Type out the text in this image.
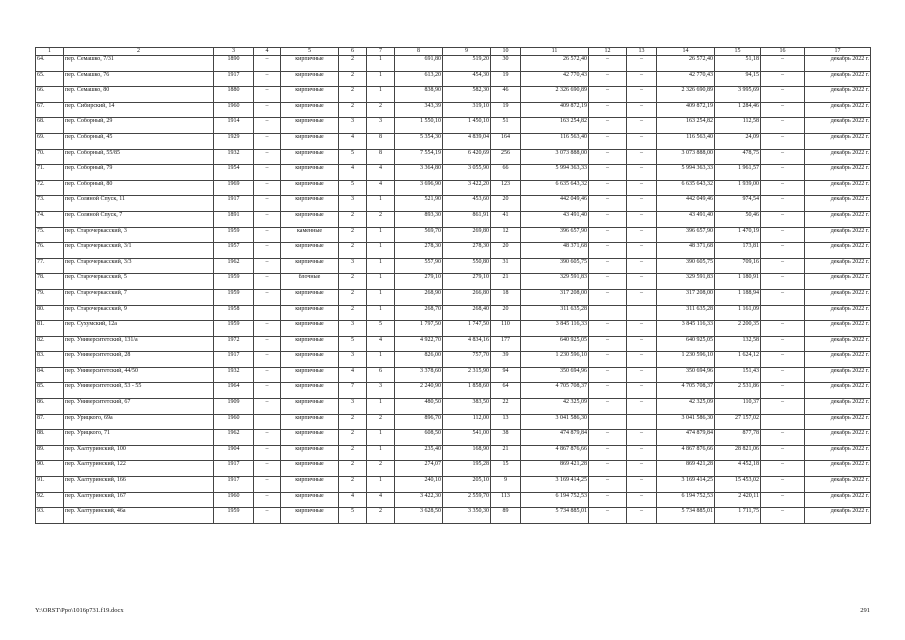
1	2	3	4	5	6	7	8	9	10	11	12	13	14	15	16	17
64.	пер. Семашко, 7/31	1890	–	кирпичные	2	1	691,80	519,20	30	26 572,40	–	–	26 572,40	51,18	–	декабрь 2022 г.
65.	пер. Семашко, 76	1917	–	кирпичные	2	1	613,20	454,30	19	42 770,43	–	–	42 770,43	94,15	–	декабрь 2022 г.
66.	пер. Семашко, 80	1880	–	кирпичные	2	1	838,90	582,30	46	2 326 690,89	–	–	2 326 690,89	3 995,69	–	декабрь 2022 г.
67.	пер. Сибирский, 14	1960	–	кирпичные	2	2	343,39	319,10	19	409 872,19	–	–	409 872,19	1 284,46	–	декабрь 2022 г.
68.	пер. Соборный, 29	1914	–	кирпичные	3	3	1 550,10	1 450,10	51	163 254,82	–	–	163 254,82	112,58	–	декабрь 2022 г.
69.	пер. Соборный, 45	1929	–	кирпичные	4	8	5 354,30	4 839,04	164	116 563,40	–	–	116 563,40	24,09	–	декабрь 2022 г.
70.	пер. Соборный, 55/85	1932	–	кирпичные	5	8	7 554,19	6 420,69	256	3 073 888,00	–	–	3 073 888,00	478,75	–	декабрь 2022 г.
71.	пер. Соборный, 79	1954	–	кирпичные	4	4	3 364,80	3 055,90	66	5 994 363,33	–	–	5 994 363,33	1 961,57	–	декабрь 2022 г.
72.	пер. Соборный, 80	1969	–	кирпичные	5	4	3 696,90	3 422,20	123	6 635 643,32	–	–	6 635 643,32	1 939,00	–	декабрь 2022 г.
73.	пер. Соляной Спуск, 11	1917	–	кирпичные	3	1	521,90	453,60	20	442 049,46	–	–	442 049,46	974,54	–	декабрь 2022 г.
74.	пер. Соляной Спуск, 7	1891	–	кирпичные	2	2	893,30	861,91	41	43 491,40	–	–	43 491,40	50,46	–	декабрь 2022 г.
75.	пер. Старочеркасский, 3	1959	–	каменные	2	1	569,70	269,80	12	396 657,90	–	–	396 657,90	1 470,19	–	декабрь 2022 г.
76.	пер. Старочеркасский, 3/1	1957	–	кирпичные	2	1	278,30	278,30	20	48 371,68	–	–	48 371,68	173,81	–	декабрь 2022 г.
77.	пер. Старочеркасский, 3/3	1962	–	кирпичные	3	1	557,90	550,80	31	390 605,75	–	–	390 605,75	709,16	–	декабрь 2022 г.
78.	пер. Старочеркасский, 5	1959	–	блочные	2	1	279,10	279,10	21	329 591,83	–	–	329 591,83	1 180,91	–	декабрь 2022 г.
79.	пер. Старочеркасский, 7	1959	–	кирпичные	2	1	268,90	266,80	18	317 208,00	–	–	317 208,00	1 188,94	–	декабрь 2022 г.
80.	пер. Старочеркасский, 9	1958		кирпичные	2	1	268,70	268,40	20	311 635,28			311 635,28	1 161,09		декабрь 2022 г.
81.	пер. Сухумский, 12а	1959	–	кирпичные	3	5	1 797,50	1 747,50	110	3 845 116,33	–	–	3 845 116,33	2 200,35	–	декабрь 2022 г.
82.	пер. Университетский, 131/а	1972	–	кирпичные	5	4	4 922,70	4 834,16	177	640 925,05	–	–	640 925,05	132,58	–	декабрь 2022 г.
83.	пер. Университетский, 28	1917	–	кирпичные	3	1	826,00	757,70	39	1 230 596,10	–	–	1 230 596,10	1 624,12	–	декабрь 2022 г.
84.	пер. Университетский, 44/50	1932	–	кирпичные	4	6	3 378,60	2 315,90	94	350 694,96	–	–	350 694,96	151,43	–	декабрь 2022 г.
85.	пер. Университетский, 53 - 55	1964	–	кирпичные	7	3	2 240,90	1 858,60	64	4 705 708,37	–	–	4 705 708,37	2 531,86	–	декабрь 2022 г.
86.	пер. Университетский, 67	1909	–	кирпичные	3	1	480,50	383,50	22	42 325,09	–	–	42 325,09	110,37	–	декабрь 2022 г.
87.	пер. Урицкого, 69а	1960		кирпичные	2	2	896,70	112,00	13	3 041 586,30			3 041 586,30	27 157,02		декабрь 2022 г.
88.	пер. Урицкого, 71	1962	–	кирпичные	2	1	608,50	541,00	38	474 879,84	–	–	474 879,84	877,78	–	декабрь 2022 г.
89.	пер. Халтуринский, 100	1904	–	кирпичные	2	1	235,40	168,90	21	4 867 876,66	–	–	4 867 876,66	28 821,06	–	декабрь 2022 г.
90.	пер. Халтуринский, 122	1917	–	кирпичные	2	2	274,07	195,28	15	869 421,28	–	–	869 421,28	4 452,18	–	декабрь 2022 г.
91.	пер. Халтуринский, 166	1917	–	кирпичные	2	1	240,10	205,10	9	3 169 414,25	–	–	3 169 414,25	15 453,02	–	декабрь 2022 г.
92.	пер. Халтуринский, 167	1960	–	кирпичные	4	4	3 422,30	2 559,70	113	6 194 752,53	–	–	6 194 752,53	2 420,11	–	декабрь 2022 г.
93.	пер. Халтуринский, 46а	1959	–	кирпичные	5	2	3 628,50	3 350,30	89	5 734 885,01	–	–	5 734 885,01	1 711,75	–	декабрь 2022 г.
Y:\ORST\Ppo\1016p731.f19.docx	291
